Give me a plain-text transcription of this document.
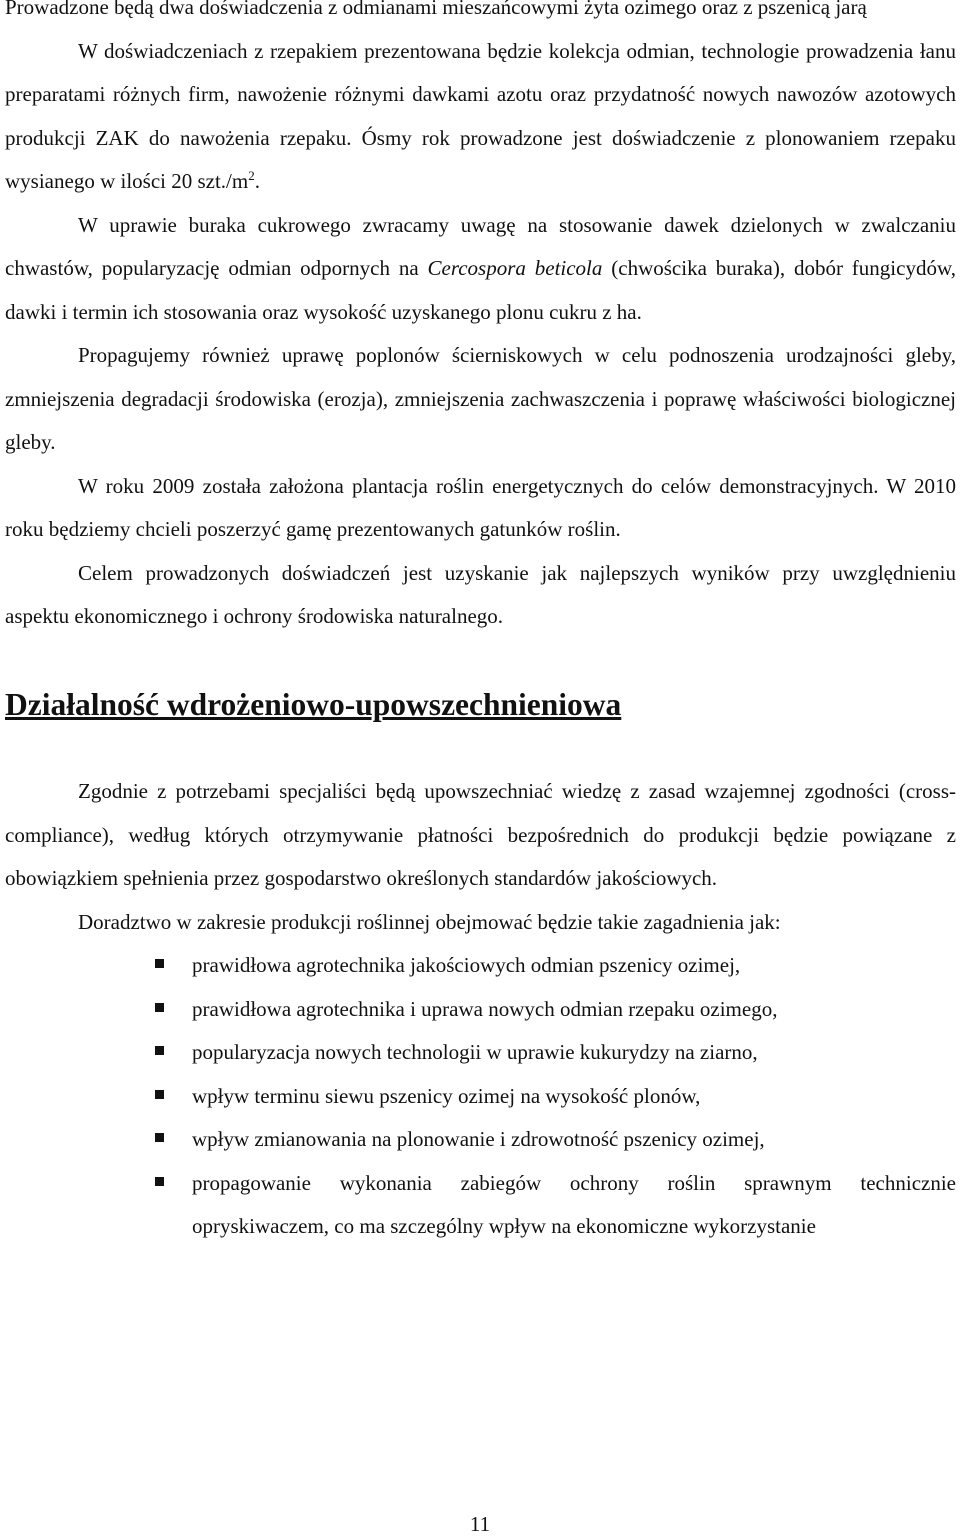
Prowadzone będą dwa doświadczenia z odmianami mieszańcowymi żyta ozimego oraz z pszenicą jarą

W doświadczeniach z rzepakiem prezentowana będzie kolekcja odmian, technologie prowadzenia łanu preparatami różnych firm, nawożenie różnymi dawkami azotu oraz przydatność nowych nawozów azotowych produkcji ZAK do nawożenia rzepaku. Ósmy rok prowadzone jest doświadczenie z plonowaniem rzepaku wysianego w ilości 20 $szt./m^2$.

W uprawie buraka cukrowego zwracamy uwagę na stosowanie dawek dzielonych w zwalczaniu chwastów, popularyzację odmian odpornych na Cercospora beticola (chwościka buraka), dobór fungicydów, dawki i termin ich stosowania oraz wysokość uzyskanego plonu cukru z ha.

Propagujemy również uprawę poplonów ścierniskowych w celu podnoszenia urodzajności gleby, zmniejszenia degradacji środowiska (erozja), zmniejszenia zachwaszczenia i poprawę właściwości biologicznej gleby.

W roku 2009 została założona plantacja roślin energetycznych do celów demonstracyjnych. W 2010 roku będziemy chcieli poszerzyć gamę prezentowanych gatunków roślin.

Celem prowadzonych doświadczeń jest uzyskanie jak najlepszych wyników przy uwzględnieniu aspektu ekonomicznego i ochrony środowiska naturalnego.

Działalność wdrożeniowo-upowszechnieniowa

Zgodnie z potrzebami specjaliści będą upowszechniać wiedzę z zasad wzajemnej zgodności (cross-compliance), według których otrzymywanie płatności bezpośrednich do produkcji będzie powiązane z obowiązkiem spełnienia przez gospodarstwo określonych standardów jakościowych.

Doradztwo w zakresie produkcji roślinnej obejmować będzie takie zagadnienia jak:

prawidłowa agrotechnika jakościowych odmian pszenicy ozimej,
prawidłowa agrotechnika i uprawa nowych odmian rzepaku ozimego,
popularyzacja nowych technologii w uprawie kukurydzy na ziarno,
wpływ terminu siewu pszenicy ozimej na wysokość plonów,
wpływ zmianowania na plonowanie i zdrowotność pszenicy ozimej,
propagowanie wykonania zabiegów ochrony roślin sprawnym technicznie opryskiwaczem, co ma szczególny wpływ na ekonomiczne wykorzystanie
11
